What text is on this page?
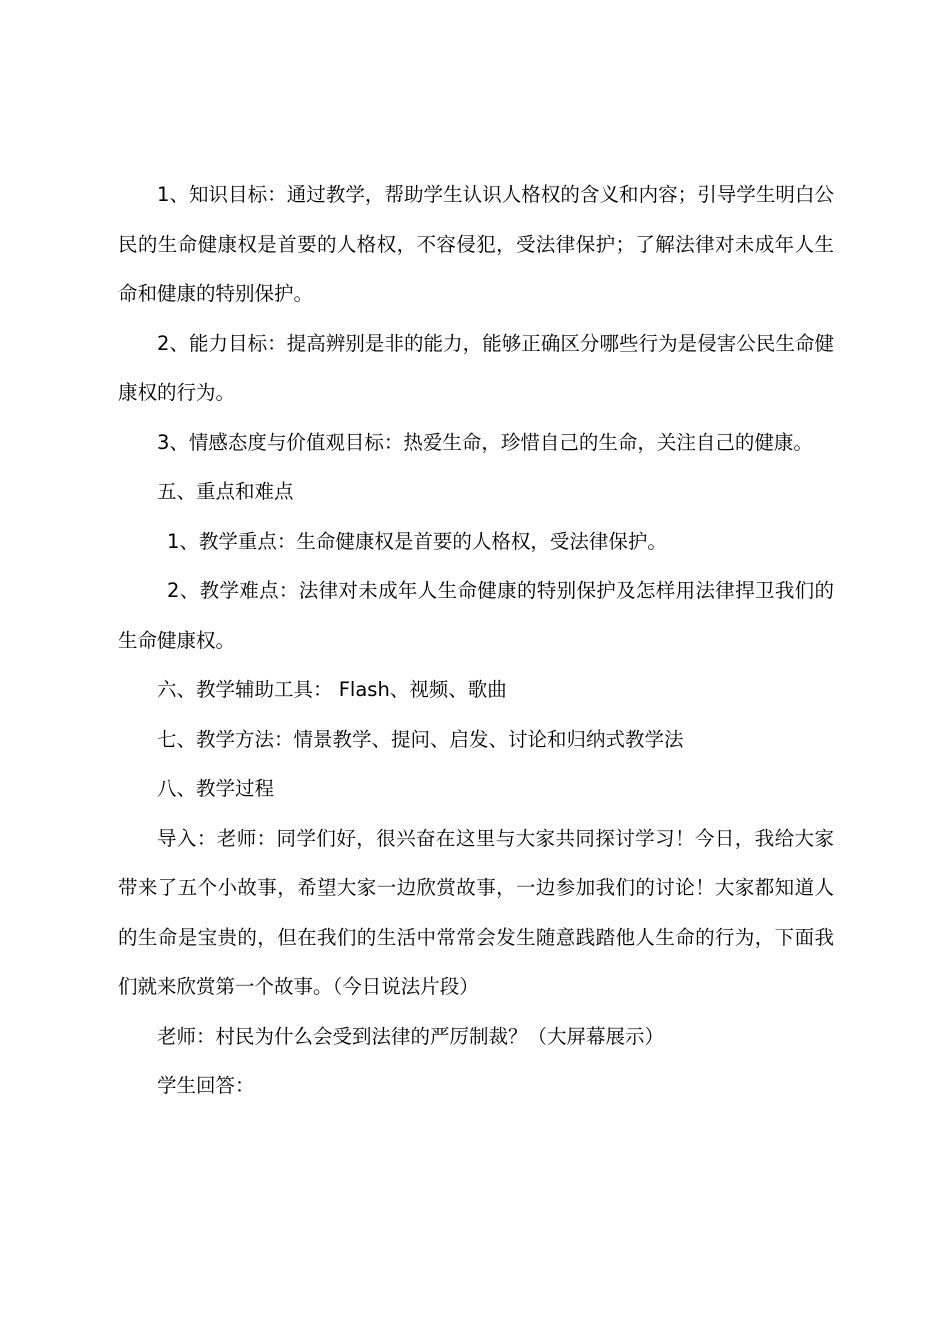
1、知识目标：通过教学，帮助学生认识人格权的含义和内容；引导学生明白公民的生命健康权是首要的人格权，不容侵犯，受法律保护；了解法律对未成年人生命和健康的特别保护。

2、能力目标：提高辨别是非的能力，能够正确区分哪些行为是侵害公民生命健康权的行为。

3、情感态度与价值观目标：热爱生命，珍惜自己的生命，关注自己的健康。

五、重点和难点

1、教学重点：生命健康权是首要的人格权，受法律保护。

2、教学难点：法律对未成年人生命健康的特别保护及怎样用法律捍卫我们的生命健康权。

六、教学辅助工具： Flash、视频、歌曲

七、教学方法：情景教学、提问、启发、讨论和归纳式教学法

八、教学过程

导入：老师：同学们好，很兴奋在这里与大家共同探讨学习！今日，我给大家带来了五个小故事，希望大家一边欣赏故事，一边参加我们的讨论！大家都知道人的生命是宝贵的，但在我们的生活中常常会发生随意践踏他人生命的行为，下面我们就来欣赏第一个故事。（今日说法片段）

老师：村民为什么会受到法律的严厉制裁？（大屏幕展示）

学生回答：
